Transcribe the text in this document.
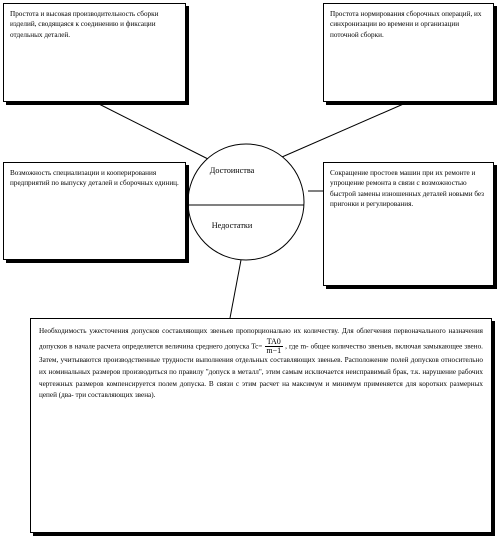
Достоинства
Недостатки

Простота и высокая производительность сборки изделий, сводящаяся к соединению и фиксации отдельных деталей.

Простота нормирования сборочных операций, их синхронизации во времени и организации поточной сборки.

Возможность специализации и кооперирования предприятий по выпуску деталей и сборочных единиц.

Сокращение простоев машин при их ремонте и упрощение ремонта в связи с возможностью быстрой замены изношенных деталей новыми без пригонки и регулирования.

Необходимость ужесточения допусков составляющих звеньев пропорционально их количеству. Для облегчения первоначального назначения допусков в начале расчета определяется величина среднего допуска $Tc= \frac{TA0}{m-1}$ , где m- общее количество звеньев, включая замыкающее звено. Затем, учитываются производственные трудности выполнения отдельных составляющих звеньев. Расположение полей допусков относительно их номинальных размеров производиться по правилу "допуск в металл", этим самым исключается неисправимый брак, т.к. нарушение рабочих чертежных размеров компенсируется полем допуска. В связи с этим расчет на максимум и минимум применяется для коротких размерных цепей (два- три составляющих звена).
